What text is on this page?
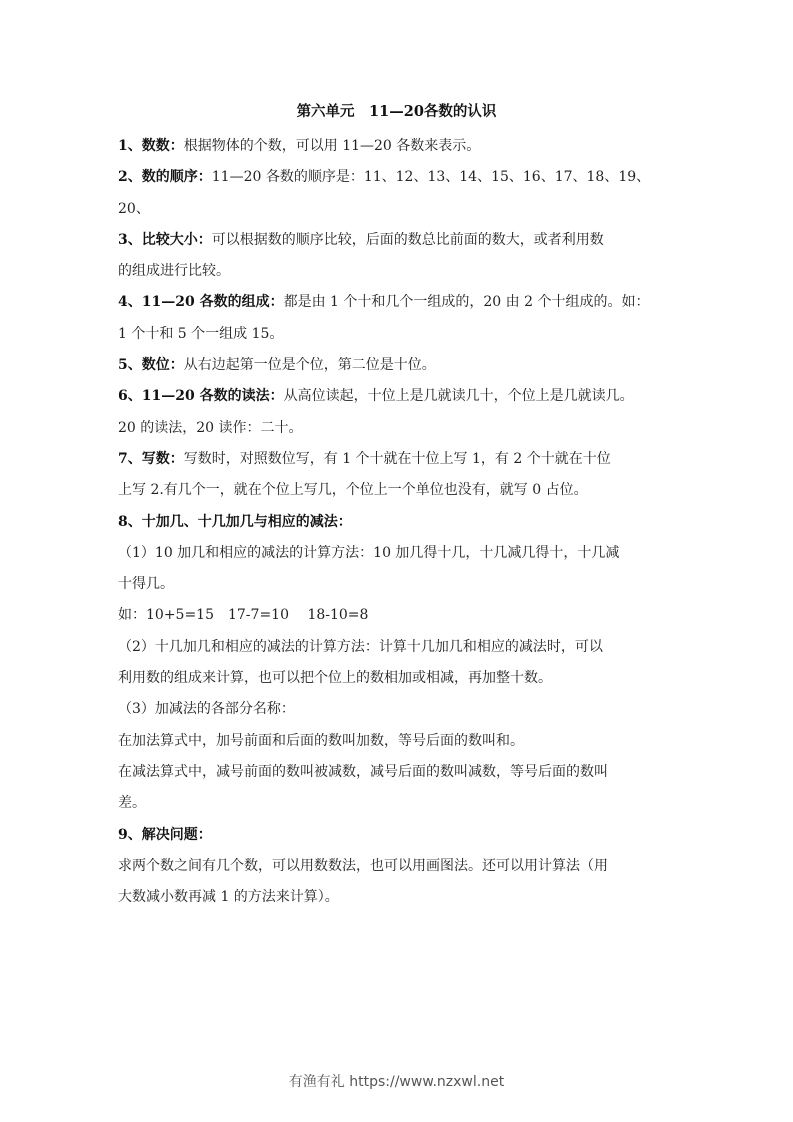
第六单元　11—20各数的认识
1、数数：根据物体的个数，可以用 11—20 各数来表示。
2、数的顺序：11—20 各数的顺序是：11、12、13、14、15、16、17、18、19、
20、
3、比较大小：可以根据数的顺序比较，后面的数总比前面的数大，或者利用数
的组成进行比较。
4、11—20 各数的组成：都是由 1 个十和几个一组成的，20 由 2 个十组成的。如：
1 个十和 5 个一组成 15。
5、数位：从右边起第一位是个位，第二位是十位。
6、11—20 各数的读法：从高位读起，十位上是几就读几十，个位上是几就读几。
20 的读法，20 读作：二十。
7、写数：写数时，对照数位写，有 1 个十就在十位上写 1，有 2 个十就在十位
上写 2.有几个一，就在个位上写几，个位上一个单位也没有，就写 0 占位。
8、十加几、十几加几与相应的减法：
（1）10 加几和相应的减法的计算方法：10 加几得十几，十几减几得十，十几减
十得几。
如：10+5=15　17-7=10　 18-10=8
（2）十几加几和相应的减法的计算方法：计算十几加几和相应的减法时，可以
利用数的组成来计算，也可以把个位上的数相加或相减，再加整十数。
（3）加减法的各部分名称：
在加法算式中，加号前面和后面的数叫加数，等号后面的数叫和。
在减法算式中，减号前面的数叫被减数，减号后面的数叫减数，等号后面的数叫
差。
9、解决问题：
求两个数之间有几个数，可以用数数法，也可以用画图法。还可以用计算法（用
大数减小数再减 1 的方法来计算）。
有渔有礼 https://www.nzxwl.net
